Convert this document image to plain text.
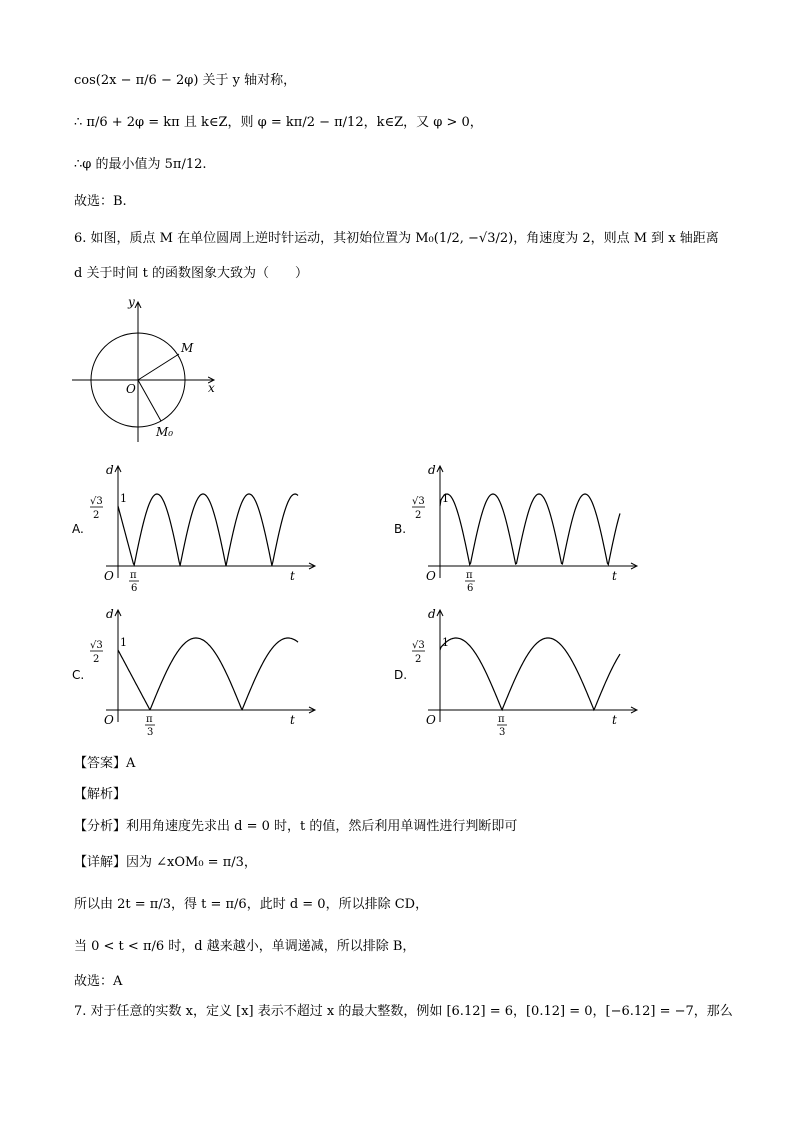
cos(2x − π/6 − 2φ) 关于 y 轴对称，
∴ π/6 + 2φ = kπ 且 k∈Z，则 φ = kπ/2 − π/12，k∈Z，又 φ > 0，
∴φ 的最小值为 5π/12.
故选：B.
6. 如图，质点 M 在单位圆周上逆时针运动，其初始位置为 M₀(1/2, −√3/2)，角速度为 2，则点 M 到 x 轴距离
d 关于时间 t 的函数图象大致为（　　）
x
y
O
M
M₀
A.
d
t
O
√3
2
1
π
6
B.
d
t
O
√3
2
1
π
6
C.
d
t
O
√3
2
1
π
3
D.
d
t
O
√3
2
1
π
3
【答案】A
【解析】
【分析】利用角速度先求出 d = 0 时，t 的值，然后利用单调性进行判断即可
【详解】因为 ∠xOM₀ = π/3，
所以由 2t = π/3，得 t = π/6，此时 d = 0，所以排除 CD，
当 0 < t < π/6 时，d 越来越小，单调递减，所以排除 B，
故选：A
7. 对于任意的实数 x，定义 [x] 表示不超过 x 的最大整数，例如 [6.12] = 6，[0.12] = 0，[−6.12] = −7，那么
